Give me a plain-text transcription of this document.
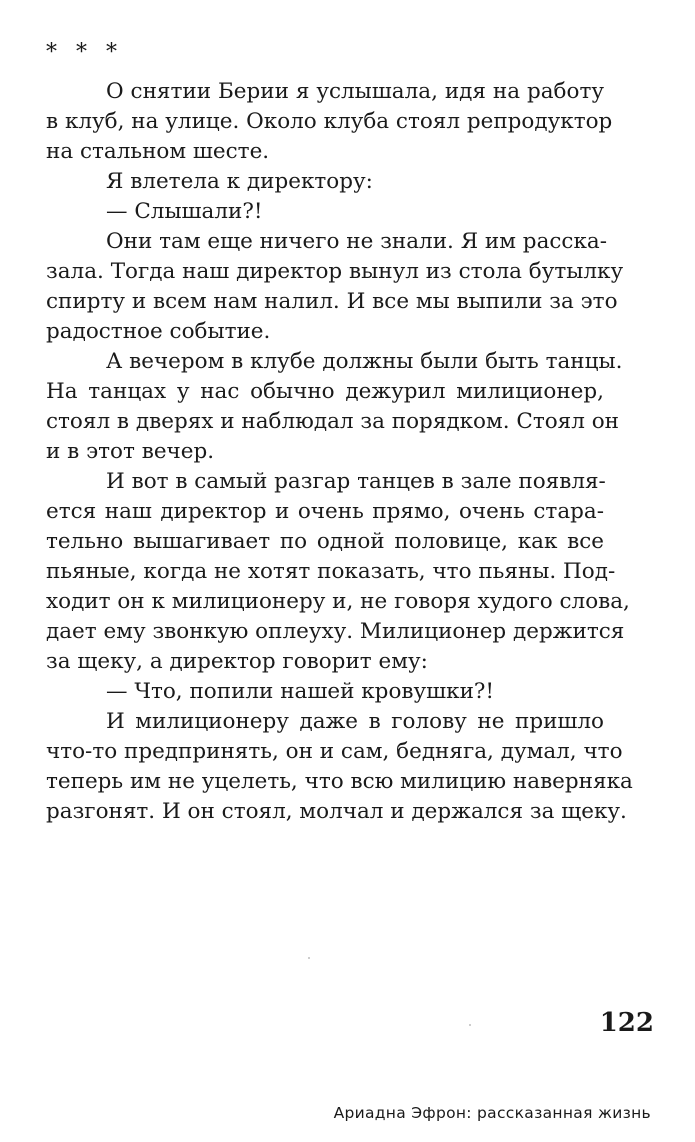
* * *
О снятии Берии я услышала, идя на работу
в клуб, на улице. Около клуба стоял репродуктор
на стальном шесте.
Я влетела к директору:
— Слышали?!
Они там еще ничего не знали. Я им расска-
зала. Тогда наш директор вынул из стола бутылку
спирту и всем нам налил. И все мы выпили за это
радостное событие.
А вечером в клубе должны были быть танцы.
На танцах у нас обычно дежурил милиционер,
стоял в дверях и наблюдал за порядком. Стоял он
и в этот вечер.
И вот в самый разгар танцев в зале появля-
ется наш директор и очень прямо, очень стара-
тельно вышагивает по одной половице, как все
пьяные, когда не хотят показать, что пьяны. Под-
ходит он к милиционеру и, не говоря худого слова,
дает ему звонкую оплеуху. Милиционер держится
за щеку, а директор говорит ему:
— Что, попили нашей кровушки?!
И милиционеру даже в голову не пришло
что-то предпринять, он и сам, бедняга, думал, что
теперь им не уцелеть, что всю милицию наверняка
разгонят. И он стоял, молчал и держался за щеку.
122
Ариадна Эфрон: рассказанная жизнь
